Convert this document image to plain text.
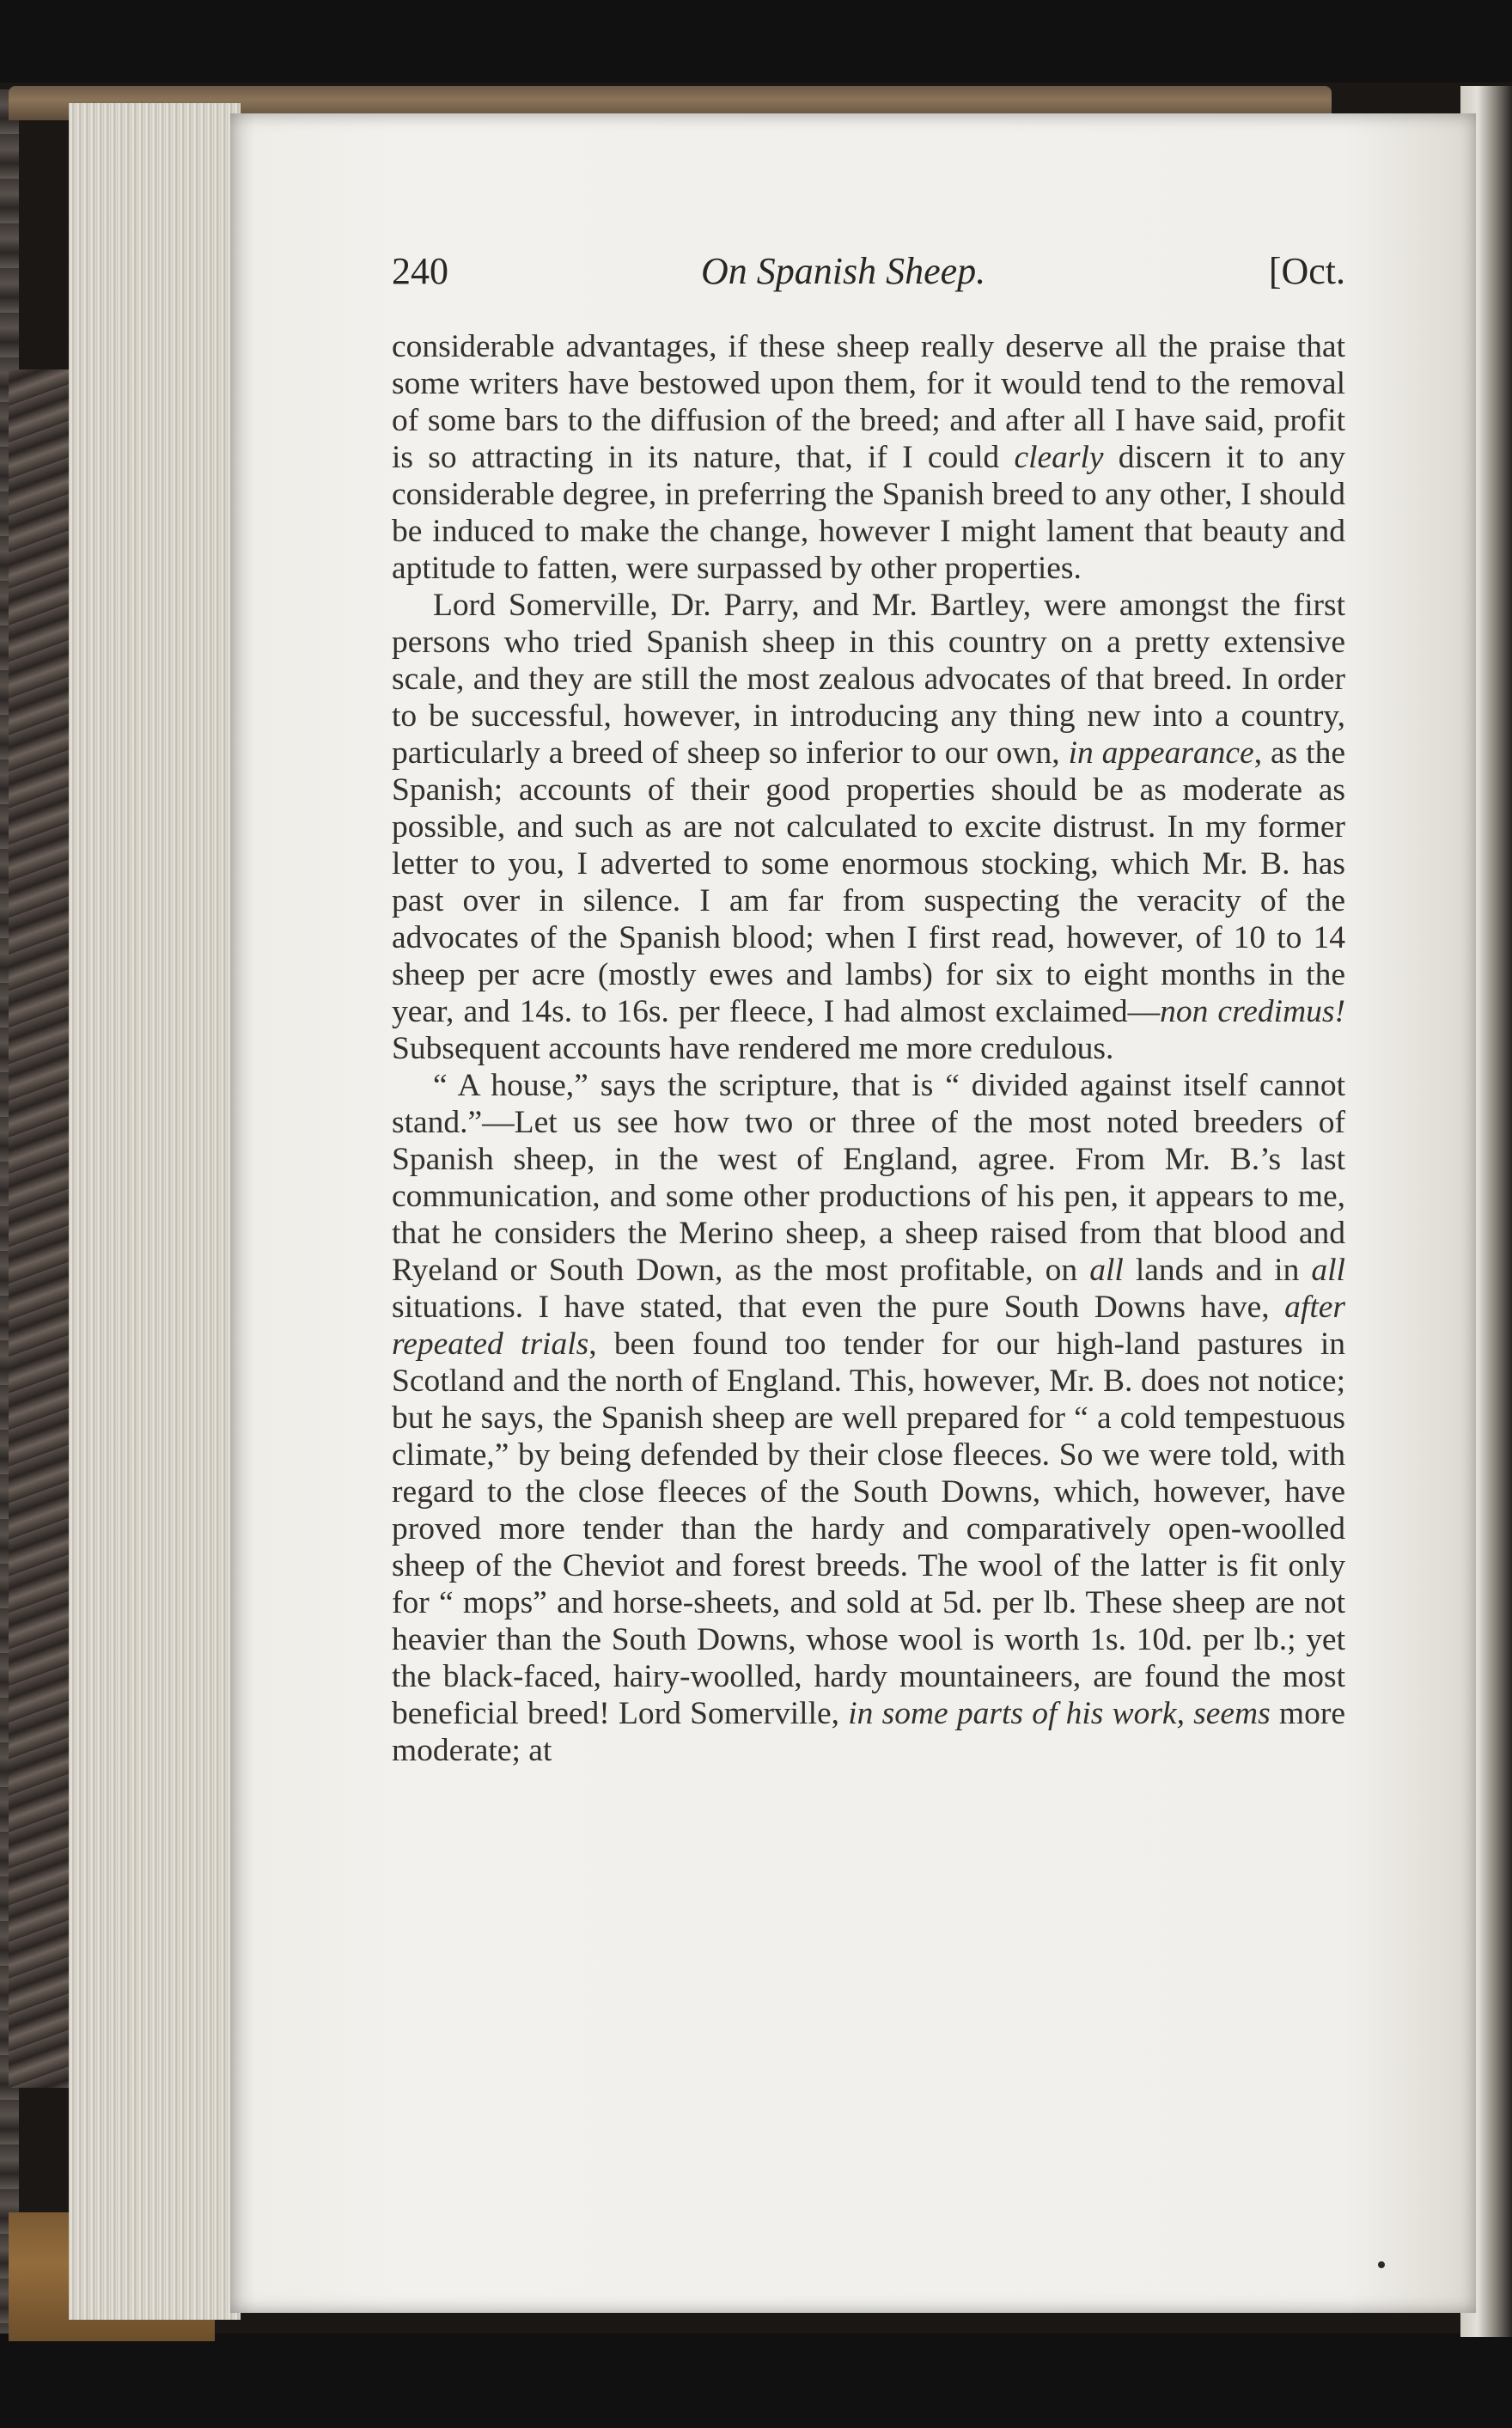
240	On Spanish Sheep.	[Oct.

considerable advantages, if these sheep really deserve all the praise that some writers have bestowed upon them, for it would tend to the removal of some bars to the diffusion of the breed; and after all I have said, profit is so attracting in its nature, that, if I could clearly discern it to any considerable degree, in preferring the Spanish breed to any other, I should be induced to make the change, however I might lament that beauty and aptitude to fatten, were surpassed by other properties.

Lord Somerville, Dr. Parry, and Mr. Bartley, were amongst the first persons who tried Spanish sheep in this country on a pretty extensive scale, and they are still the most zealous advocates of that breed. In order to be successful, however, in introducing any thing new into a country, particularly a breed of sheep so inferior to our own, in appearance, as the Spanish; accounts of their good properties should be as moderate as possible, and such as are not calculated to excite distrust. In my former letter to you, I adverted to some enormous stocking, which Mr. B. has past over in silence. I am far from suspecting the veracity of the advocates of the Spanish blood; when I first read, however, of 10 to 14 sheep per acre (mostly ewes and lambs) for six to eight months in the year, and 14s. to 16s. per fleece, I had almost exclaimed—non credimus! Subsequent accounts have rendered me more credulous.

“ A house,” says the scripture, that is “ divided against itself cannot stand.”—Let us see how two or three of the most noted breeders of Spanish sheep, in the west of England, agree. From Mr. B.’s last communication, and some other productions of his pen, it appears to me, that he considers the Merino sheep, a sheep raised from that blood and Ryeland or South Down, as the most profitable, on all lands and in all situations. I have stated, that even the pure South Downs have, after repeated trials, been found too tender for our high-land pastures in Scotland and the north of England. This, however, Mr. B. does not notice; but he says, the Spanish sheep are well prepared for “ a cold tempestuous climate,” by being defended by their close fleeces. So we were told, with regard to the close fleeces of the South Downs, which, however, have proved more tender than the hardy and comparatively open-woolled sheep of the Cheviot and forest breeds. The wool of the latter is fit only for “ mops” and horse-sheets, and sold at 5d. per lb. These sheep are not heavier than the South Downs, whose wool is worth 1s. 10d. per lb.; yet the black-faced, hairy-woolled, hardy mountaineers, are found the most beneficial breed! Lord Somerville, in some parts of his work, seems more moderate; at
